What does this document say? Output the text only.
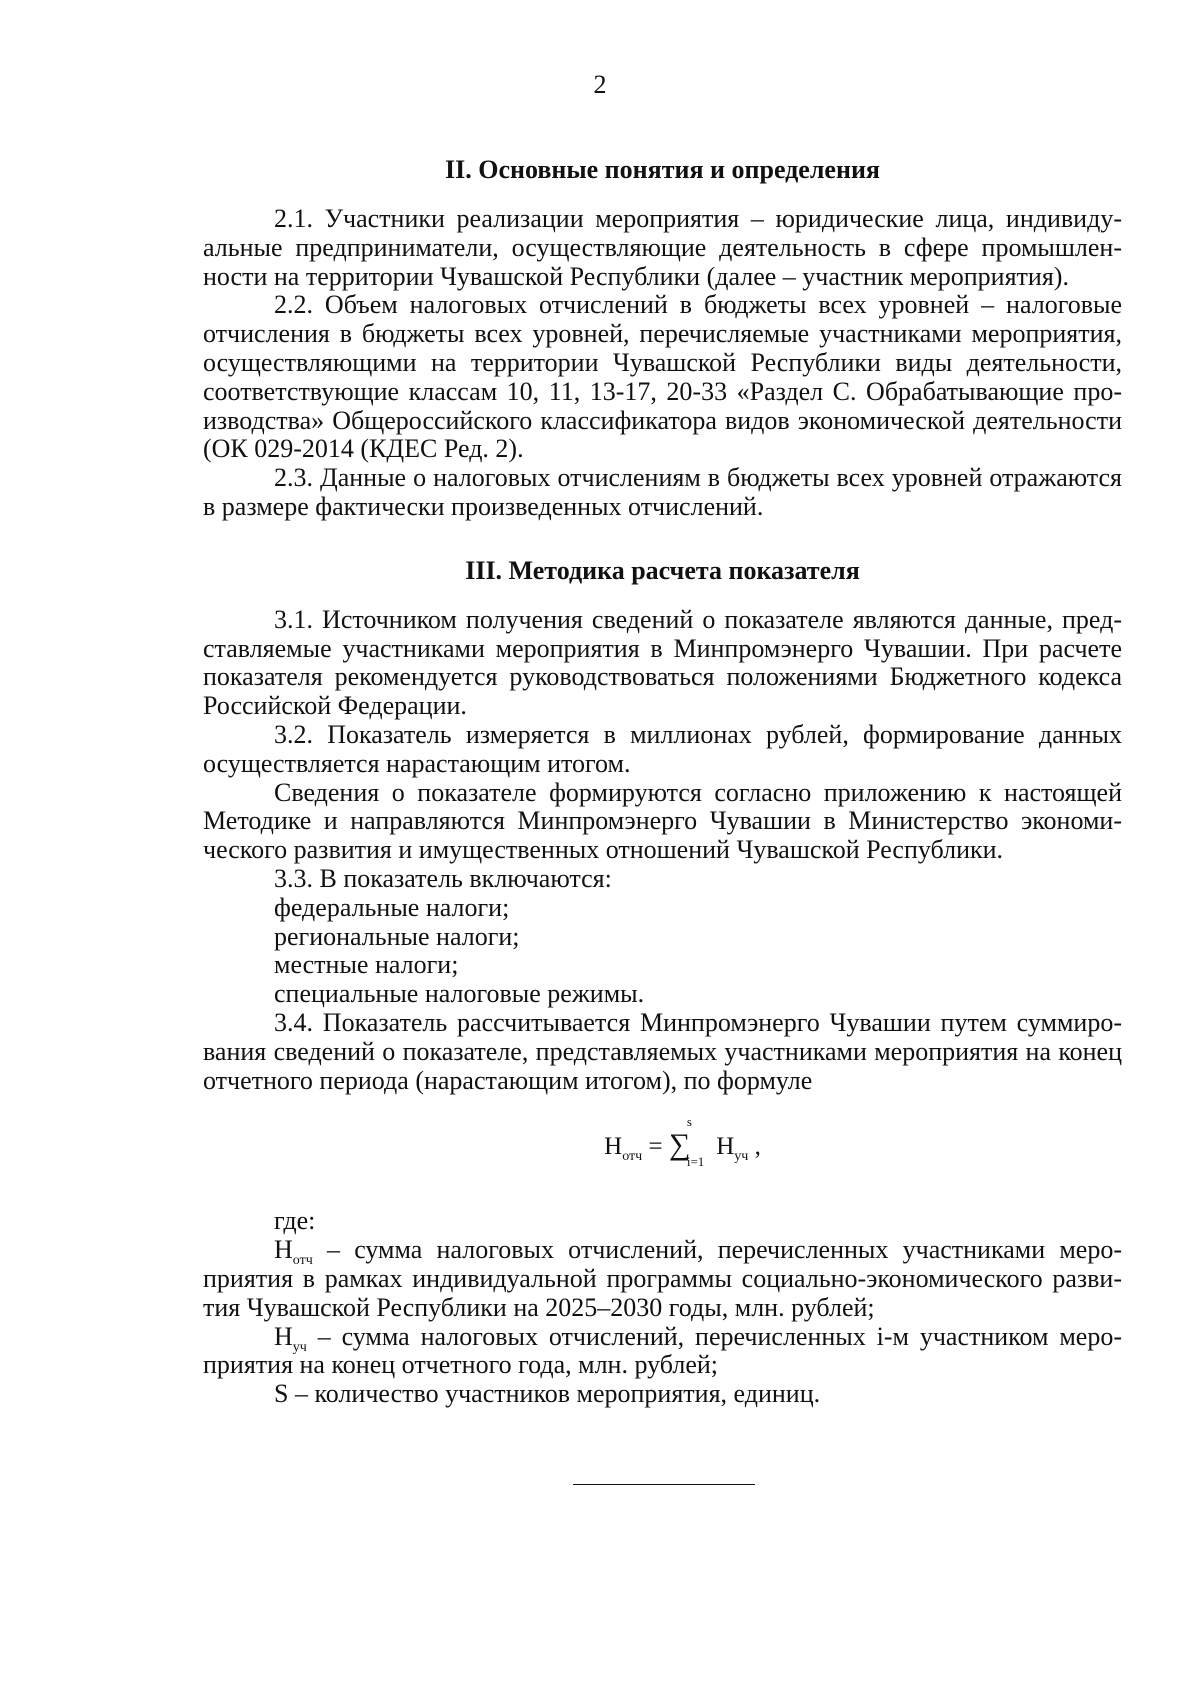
2
II. Основные понятия и определения

2.1. Участники реализации мероприятия – юридические лица, индивидуальные предприниматели, осуществляющие деятельность в сфере промышленности на территории Чувашской Республики (далее – участник мероприятия).

2.2. Объем налоговых отчислений в бюджеты всех уровней – налоговые отчисления в бюджеты всех уровней, перечисляемые участниками мероприятия, осуществляющими на территории Чувашской Республики виды деятельности, соответствующие классам 10, 11, 13-17, 20-33 «Раздел С. Обрабатывающие производства» Общероссийского классификатора видов экономической деятельности (ОК 029-2014 (КДЕС Ред. 2).

2.3. Данные о налоговых отчислениям в бюджеты всех уровней отражаются в размере фактически произведенных отчислений.

III. Методика расчета показателя

3.1. Источником получения сведений о показателе являются данные, представляемые участниками мероприятия в Минпромэнерго Чувашии. При расчете показателя рекомендуется руководствоваться положениями Бюджетного кодекса Российской Федерации.

3.2. Показатель измеряется в миллионах рублей, формирование данных осуществляется нарастающим итогом.

Сведения о показателе формируются согласно приложению к настоящей Методике и направляются Минпромэнерго Чувашии в Министерство экономического развития и имущественных отношений Чувашской Республики.

3.3. В показатель включаются:

федеральные налоги;
региональные налоги;
местные налоги;
специальные налоговые режимы.

3.4. Показатель рассчитывается Минпромэнерго Чувашии путем суммирования сведений о показателе, представляемых участниками мероприятия на конец отчетного периода (нарастающим итогом), по формуле

$Н_{отч}$ = ∑
s
i=1
$Н_{уч}$ ,
где:

$Н_{отч}$ – сумма налоговых отчислений, перечисленных участниками мероприятия в рамках индивидуальной программы социально-экономического развития Чувашской Республики на 2025–2030 годы, млн. рублей;

$Н_{уч}$ – сумма налоговых отчислений, перечисленных i-м участником мероприятия на конец отчетного года, млн. рублей;

S – количество участников мероприятия, единиц.
